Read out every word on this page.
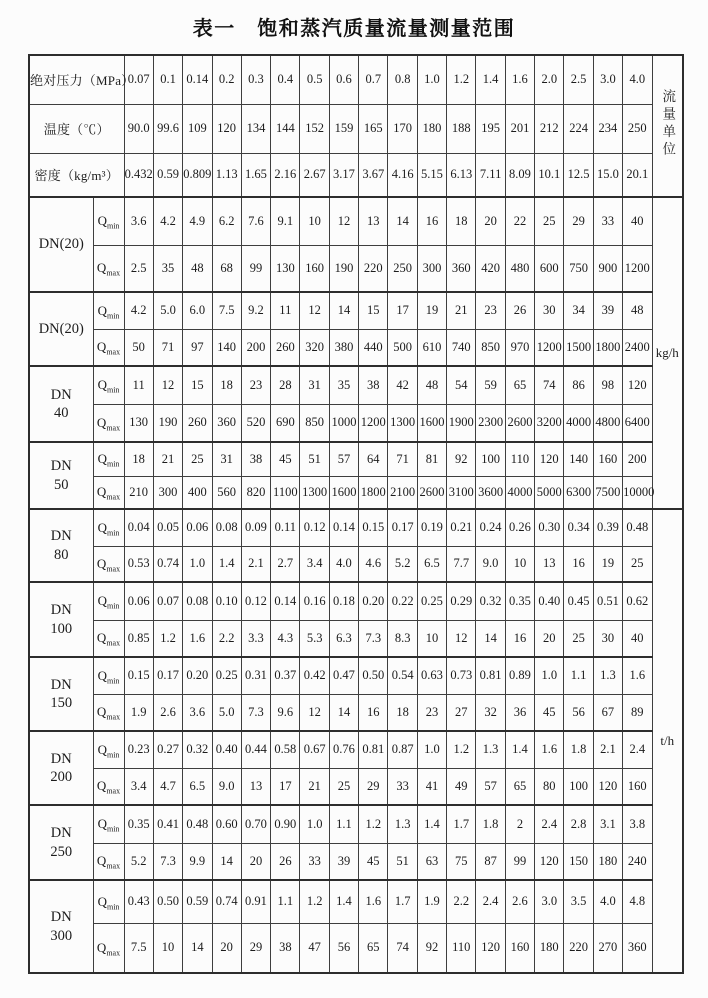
表一　饱和蒸汽质量流量测量范围
绝对压力（MPa）		0.07	0.1	0.14	0.2	0.3	0.4	0.5	0.6	0.7	0.8	1.0	1.2	1.4	1.6	2.0	2.5	3.0	4.0	流量单位
温度（℃）		90.0	99.6	109	120	134	144	152	159	165	170	180	188	195	201	212	224	234	250	
密度（kg/m³）		0.432	0.59	0.809	1.13	1.65	2.16	2.67	3.17	3.67	4.16	5.15	6.13	7.11	8.09	10.1	12.5	15.0	20.1	

DN(20)	$Q_{min}$	3.6	4.2	4.9	6.2	7.6	9.1	10	12	13	14	16	18	20	22	25	29	33	40	kg/h
	$Q_{max}$	2.5	35	48	68	99	130	160	190	220	250	300	360	420	480	600	750	900	1200	

DN(20)	$Q_{min}$	4.2	5.0	6.0	7.5	9.2	11	12	14	15	17	19	21	23	26	30	34	39	48	
	$Q_{max}$	50	71	97	140	200	260	320	380	440	500	610	740	850	970	1200	1500	1800	2400	

DN
40	$Q_{min}$	11	12	15	18	23	28	31	35	38	42	48	54	59	65	74	86	98	120	
	$Q_{max}$	130	190	260	360	520	690	850	1000	1200	1300	1600	1900	2300	2600	3200	4000	4800	6400	

DN
50	$Q_{min}$	18	21	25	31	38	45	51	57	64	71	81	92	100	110	120	140	160	200	
	$Q_{max}$	210	300	400	560	820	1100	1300	1600	1800	2100	2600	3100	3600	4000	5000	6300	7500	10000	

DN
80	$Q_{min}$	0.04	0.05	0.06	0.08	0.09	0.11	0.12	0.14	0.15	0.17	0.19	0.21	0.24	0.26	0.30	0.34	0.39	0.48	t/h
	$Q_{max}$	0.53	0.74	1.0	1.4	2.1	2.7	3.4	4.0	4.6	5.2	6.5	7.7	9.0	10	13	16	19	25	

DN
100	$Q_{min}$	0.06	0.07	0.08	0.10	0.12	0.14	0.16	0.18	0.20	0.22	0.25	0.29	0.32	0.35	0.40	0.45	0.51	0.62	
	$Q_{max}$	0.85	1.2	1.6	2.2	3.3	4.3	5.3	6.3	7.3	8.3	10	12	14	16	20	25	30	40	

DN
150	$Q_{min}$	0.15	0.17	0.20	0.25	0.31	0.37	0.42	0.47	0.50	0.54	0.63	0.73	0.81	0.89	1.0	1.1	1.3	1.6	
	$Q_{max}$	1.9	2.6	3.6	5.0	7.3	9.6	12	14	16	18	23	27	32	36	45	56	67	89	

DN
200	$Q_{min}$	0.23	0.27	0.32	0.40	0.44	0.58	0.67	0.76	0.81	0.87	1.0	1.2	1.3	1.4	1.6	1.8	2.1	2.4	
	$Q_{max}$	3.4	4.7	6.5	9.0	13	17	21	25	29	33	41	49	57	65	80	100	120	160	

DN
250	$Q_{min}$	0.35	0.41	0.48	0.60	0.70	0.90	1.0	1.1	1.2	1.3	1.4	1.7	1.8	2	2.4	2.8	3.1	3.8	
	$Q_{max}$	5.2	7.3	9.9	14	20	26	33	39	45	51	63	75	87	99	120	150	180	240	

DN
300	$Q_{min}$	0.43	0.50	0.59	0.74	0.91	1.1	1.2	1.4	1.6	1.7	1.9	2.2	2.4	2.6	3.0	3.5	4.0	4.8	
	$Q_{max}$	7.5	10	14	20	29	38	47	56	65	74	92	110	120	160	180	220	270	360	
